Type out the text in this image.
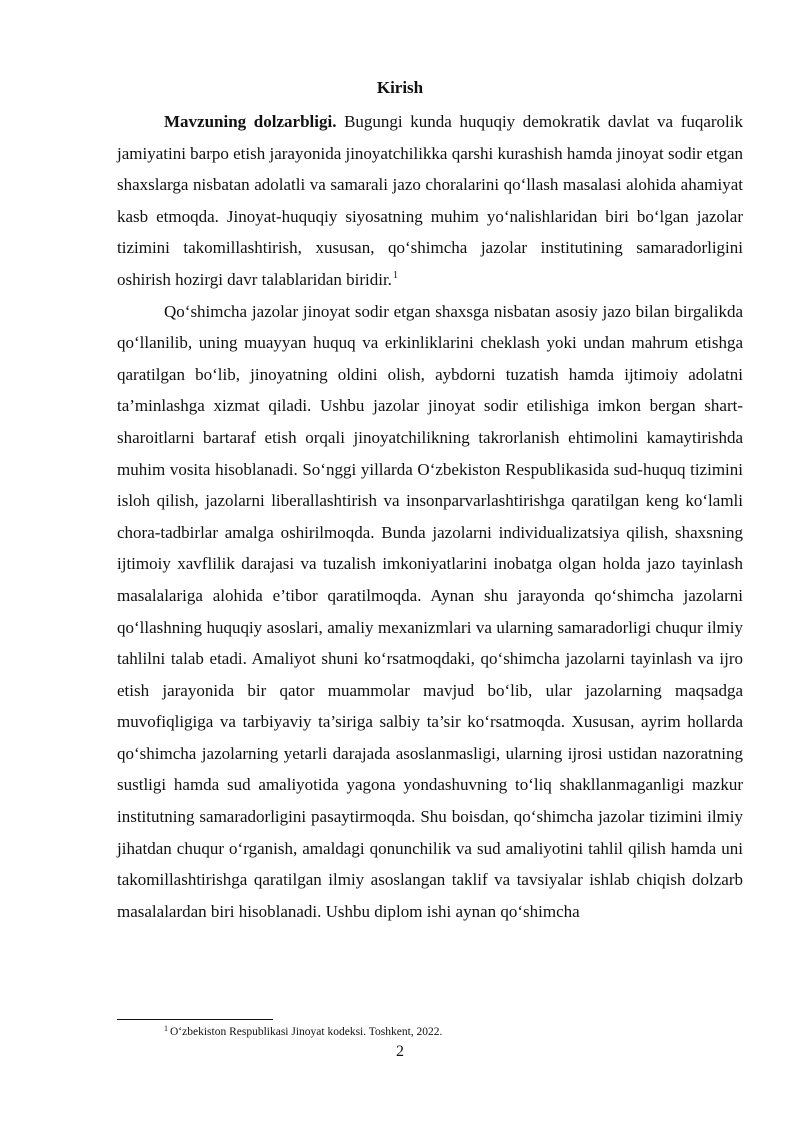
Kirish

Mavzuning dolzarbligi. Bugungi kunda huquqiy demokratik davlat va fuqarolik jamiyatini barpo etish jarayonida jinoyatchilikka qarshi kurashish hamda jinoyat sodir etgan shaxslarga nisbatan adolatli va samarali jazo choralarini qo‘llash masalasi alohida ahamiyat kasb etmoqda. Jinoyat-huquqiy siyosatning muhim yo‘nalishlaridan biri bo‘lgan jazolar tizimini takomillashtirish, xususan, qo‘shimcha jazolar institutining samaradorligini oshirish hozirgi davr talablaridan biridir.$^1$

Qo‘shimcha jazolar jinoyat sodir etgan shaxsga nisbatan asosiy jazo bilan birgalikda qo‘llanilib, uning muayyan huquq va erkinliklarini cheklash yoki undan mahrum etishga qaratilgan bo‘lib, jinoyatning oldini olish, aybdorni tuzatish hamda ijtimoiy adolatni ta’minlashga xizmat qiladi. Ushbu jazolar jinoyat sodir etilishiga imkon bergan shart-sharoitlarni bartaraf etish orqali jinoyatchilikning takrorlanish ehtimolini kamaytirishda muhim vosita hisoblanadi. So‘nggi yillarda O‘zbekiston Respublikasida sud-huquq tizimini isloh qilish, jazolarni liberallashtirish va insonparvarlashtirishga qaratilgan keng ko‘lamli chora-tadbirlar amalga oshirilmoqda. Bunda jazolarni individualizatsiya qilish, shaxsning ijtimoiy xavflilik darajasi va tuzalish imkoniyatlarini inobatga olgan holda jazo tayinlash masalalariga alohida e’tibor qaratilmoqda. Aynan shu jarayonda qo‘shimcha jazolarni qo‘llashning huquqiy asoslari, amaliy mexanizmlari va ularning samaradorligi chuqur ilmiy tahlilni talab etadi. Amaliyot shuni ko‘rsatmoqdaki, qo‘shimcha jazolarni tayinlash va ijro etish jarayonida bir qator muammolar mavjud bo‘lib, ular jazolarning maqsadga muvofiqligiga va tarbiyaviy ta’siriga salbiy ta’sir ko‘rsatmoqda. Xususan, ayrim hollarda qo‘shimcha jazolarning yetarli darajada asoslanmasligi, ularning ijrosi ustidan nazoratning sustligi hamda sud amaliyotida yagona yondashuvning to‘liq shakllanmaganligi mazkur institutning samaradorligini pasaytirmoqda. Shu boisdan, qo‘shimcha jazolar tizimini ilmiy jihatdan chuqur o‘rganish, amaldagi qonunchilik va sud amaliyotini tahlil qilish hamda uni takomillashtirishga qaratilgan ilmiy asoslangan taklif va tavsiyalar ishlab chiqish dolzarb masalalardan biri hisoblanadi. Ushbu diplom ishi aynan qo‘shimcha

$^1$ O‘zbekiston Respublikasi Jinoyat kodeksi. Toshkent, 2022.
2
